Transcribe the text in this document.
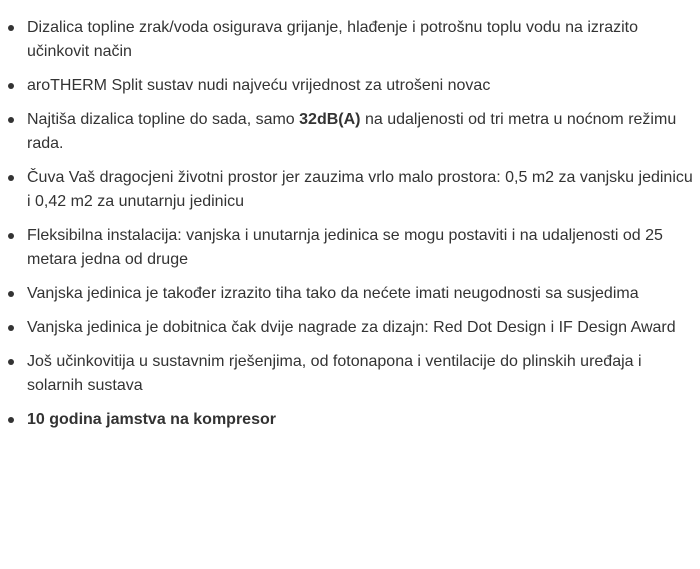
Dizalica topline zrak/voda osigurava grijanje, hlađenje i potrošnu toplu vodu na izrazito učinkovit način
aroTHERM Split sustav nudi najveću vrijednost za utrošeni novac
Najtiša dizalica topline do sada, samo 32dB(A) na udaljenosti od tri metra u noćnom režimu rada.
Čuva Vaš dragocjeni životni prostor jer zauzima vrlo malo prostora: 0,5 m2 za vanjsku jedinicu i 0,42 m2 za unutarnju jedinicu
Fleksibilna instalacija: vanjska i unutarnja jedinica se mogu postaviti i na udaljenosti od 25 metara jedna od druge
Vanjska jedinica je također izrazito tiha tako da nećete imati neugodnosti sa susjedima
Vanjska jedinica je dobitnica čak dvije nagrade za dizajn: Red Dot Design i IF Design Award
Još učinkovitija u sustavnim rješenjima, od fotonapona i ventilacije do plinskih uređaja i solarnih sustava
10 godina jamstva na kompresor
